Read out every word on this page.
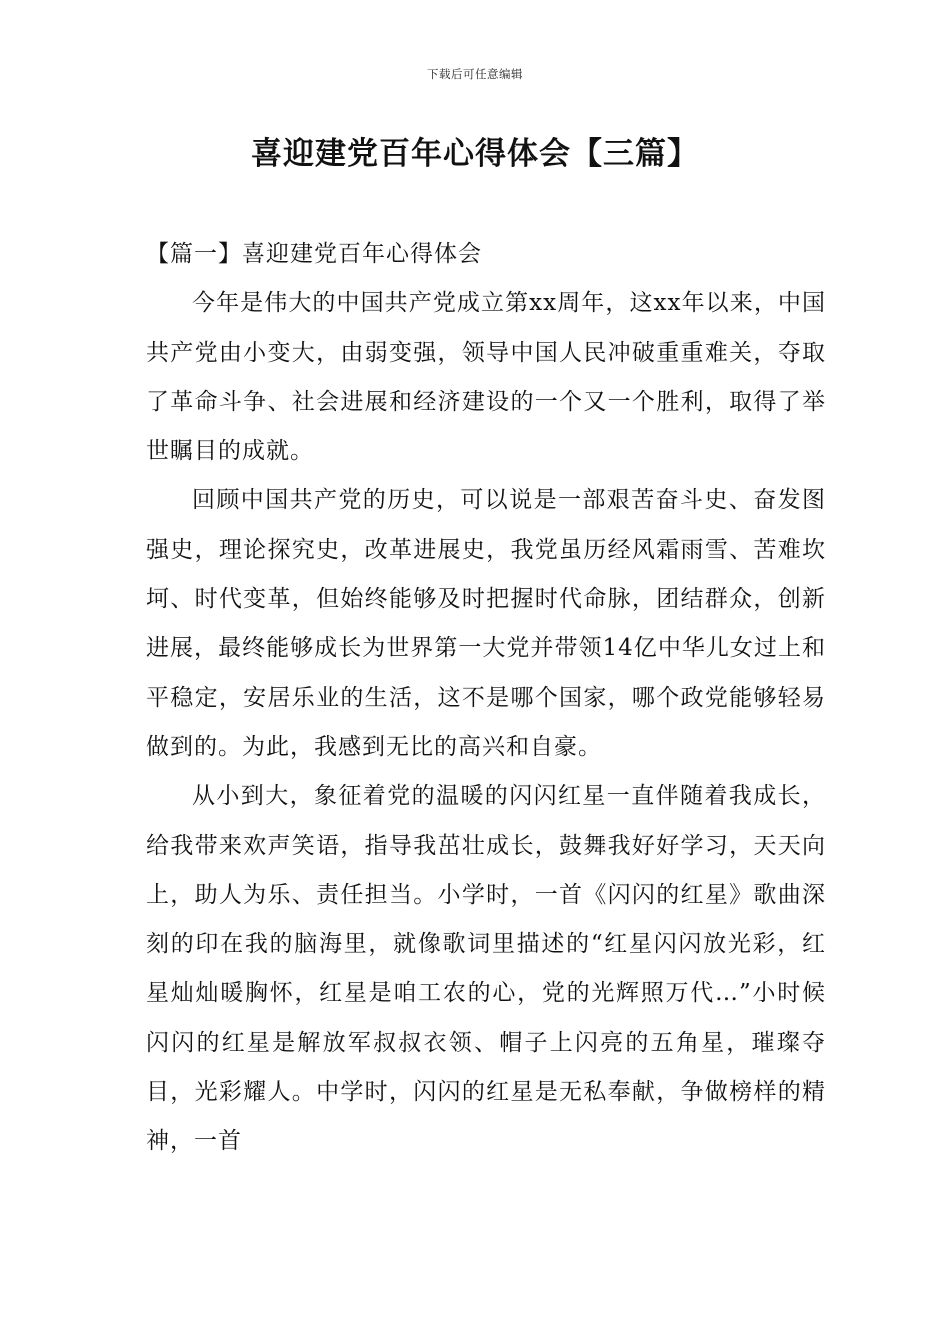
下载后可任意编辑
喜迎建党百年心得体会【三篇】

【篇一】喜迎建党百年心得体会

今年是伟大的中国共产党成立第xx周年，这xx年以来，中国共产党由小变大，由弱变强，领导中国人民冲破重重难关，夺取了革命斗争、社会进展和经济建设的一个又一个胜利，取得了举世瞩目的成就。

回顾中国共产党的历史，可以说是一部艰苦奋斗史、奋发图强史，理论探究史，改革进展史，我党虽历经风霜雨雪、苦难坎坷、时代变革，但始终能够及时把握时代命脉，团结群众，创新进展，最终能够成长为世界第一大党并带领14亿中华儿女过上和平稳定，安居乐业的生活，这不是哪个国家，哪个政党能够轻易做到的。为此，我感到无比的高兴和自豪。

从小到大，象征着党的温暖的闪闪红星一直伴随着我成长，给我带来欢声笑语，指导我茁壮成长，鼓舞我好好学习，天天向上，助人为乐、责任担当。小学时，一首《闪闪的红星》歌曲深刻的印在我的脑海里，就像歌词里描述的“红星闪闪放光彩，红星灿灿暖胸怀，红星是咱工农的心，党的光辉照万代…”小时候闪闪的红星是解放军叔叔衣领、帽子上闪亮的五角星，璀璨夺目，光彩耀人。中学时，闪闪的红星是无私奉献，争做榜样的精神，一首
